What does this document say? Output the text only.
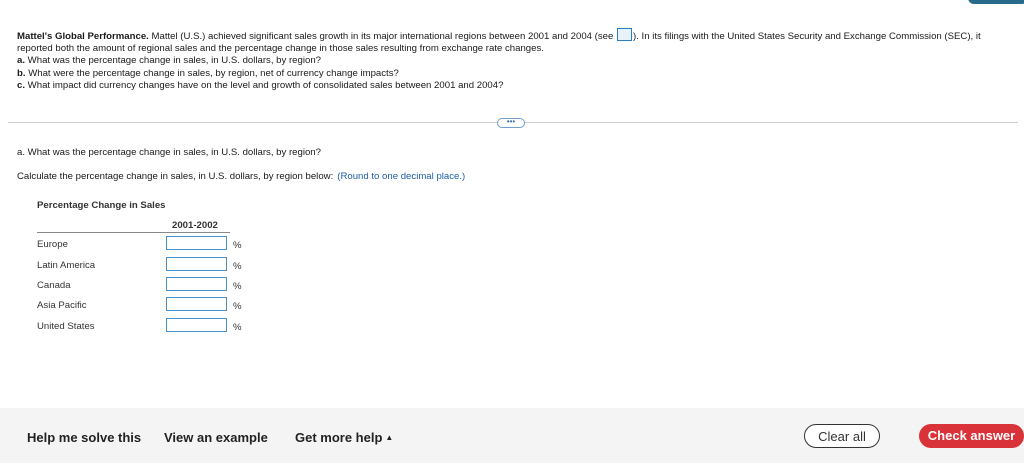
Mattel's Global Performance. Mattel (U.S.) achieved significant sales growth in its major international regions between 2001 and 2004 (see ). In its filings with the United States Security and Exchange Commission (SEC), it reported both the amount of regional sales and the percentage change in those sales resulting from exchange rate changes.

a. What was the percentage change in sales, in U.S. dollars, by region?

b. What were the percentage change in sales, by region, net of currency change impacts?

c. What impact did currency changes have on the level and growth of consolidated sales between 2001 and 2004?

•••
a. What was the percentage change in sales, in U.S. dollars, by region?
Calculate the percentage change in sales, in U.S. dollars, by region below: (Round to one decimal place.)
Percentage Change in Sales
2001-2002
Europe	%
Latin America	%
Canada	%
Asia Pacific	%
United States	%
Help me solve this View an example Get more help ▲	Clear all	Check answer
